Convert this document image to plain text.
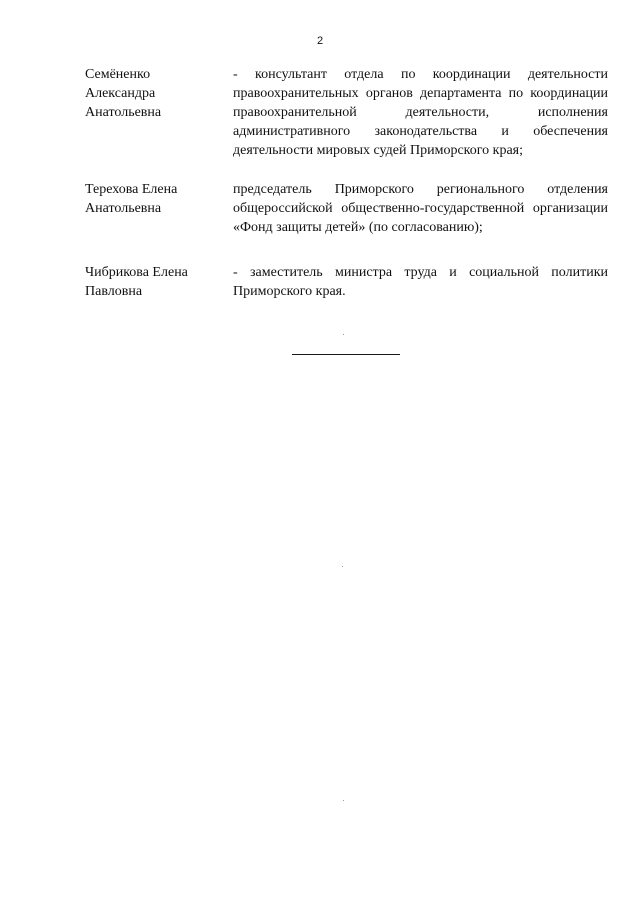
2
Семёненко
Александра
Анатольевна
- консультант отдела по координации деятельности правоохранительных органов департамента по координации правоохранительной деятельности, исполнения административного законодательства и обеспечения деятельности мировых судей Приморского края;
Терехова Елена
Анатольевна
председатель Приморского регионального отделения общероссийской общественно-государственной организации «Фонд защиты детей» (по согласованию);
Чибрикова Елена
Павловна
- заместитель министра труда и социальной политики Приморского края.
